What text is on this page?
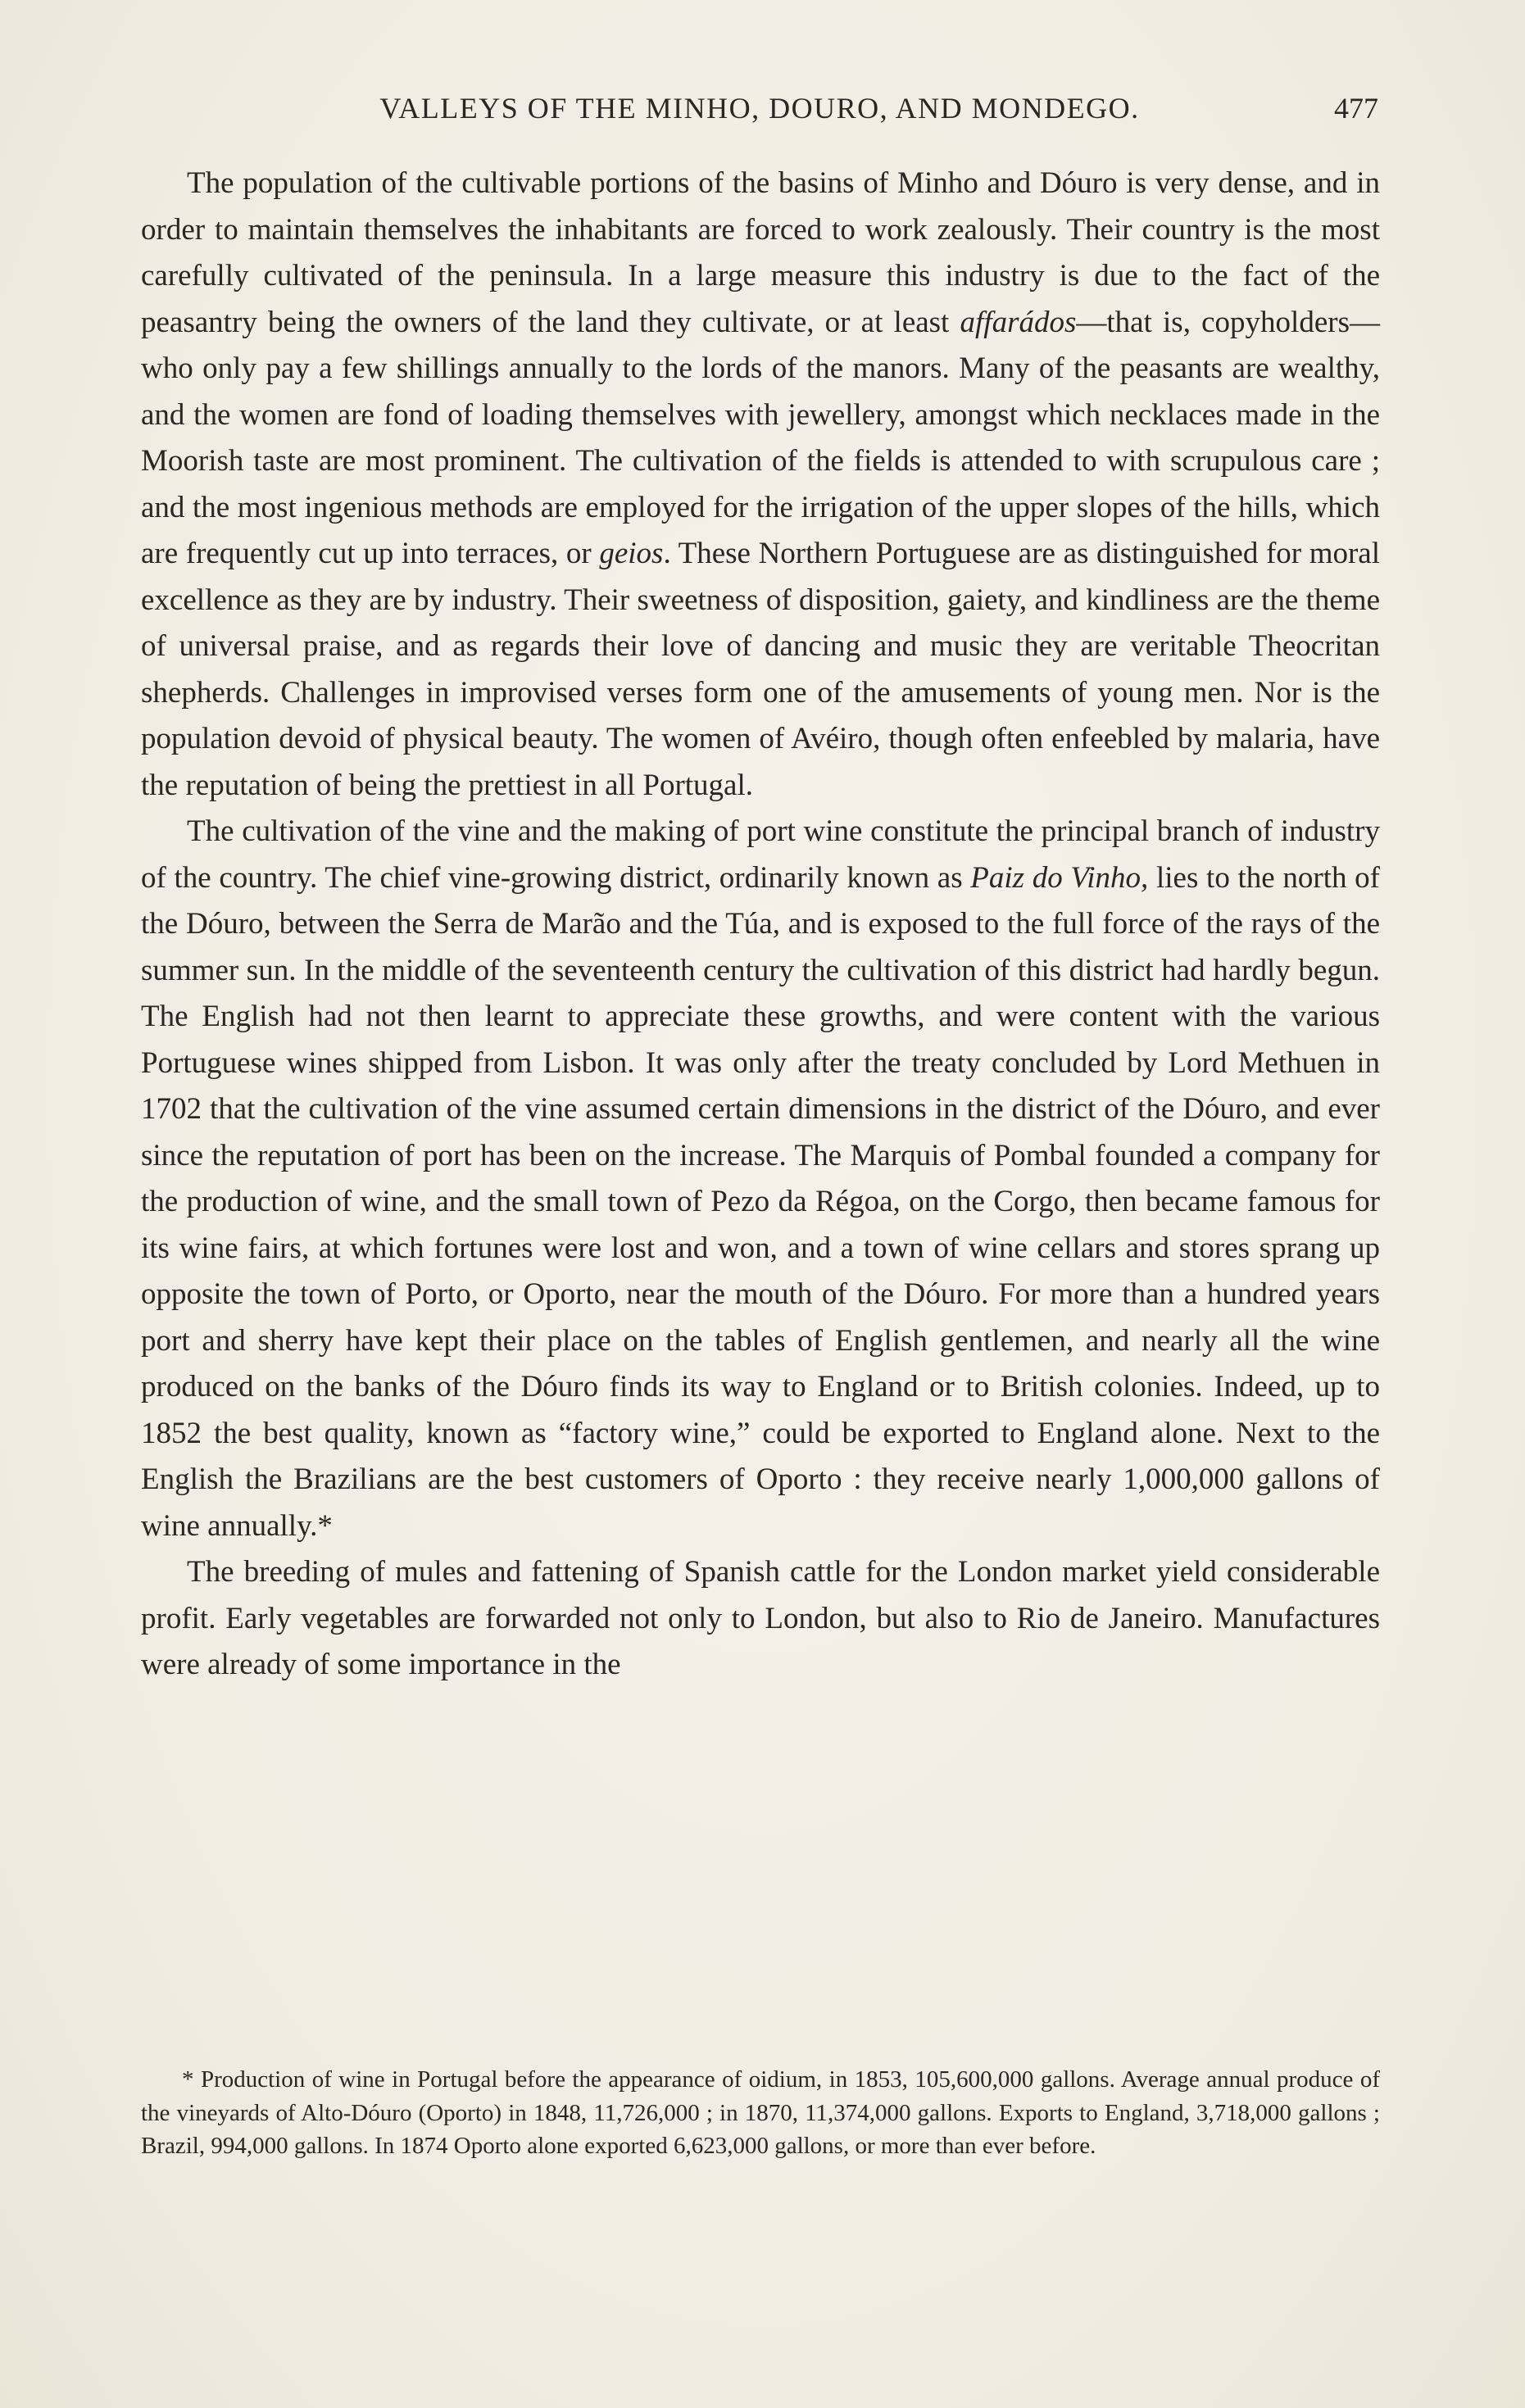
VALLEYS OF THE MINHO, DOURO, AND MONDEGO.	477

The population of the cultivable portions of the basins of Minho and Dóuro is very dense, and in order to maintain themselves the inhabitants are forced to work zealously. Their country is the most carefully cultivated of the peninsula. In a large measure this industry is due to the fact of the peasantry being the owners of the land they cultivate, or at least affarádos—that is, copyholders—who only pay a few shillings annually to the lords of the manors. Many of the peasants are wealthy, and the women are fond of loading themselves with jewellery, amongst which necklaces made in the Moorish taste are most prominent. The cultivation of the fields is attended to with scrupulous care ; and the most ingenious methods are employed for the irrigation of the upper slopes of the hills, which are frequently cut up into terraces, or geios. These Northern Portuguese are as distinguished for moral excellence as they are by industry. Their sweetness of disposition, gaiety, and kindliness are the theme of universal praise, and as regards their love of dancing and music they are veritable Theocritan shepherds. Challenges in improvised verses form one of the amusements of young men. Nor is the population devoid of physical beauty. The women of Avéiro, though often enfeebled by malaria, have the reputation of being the prettiest in all Portugal.

The cultivation of the vine and the making of port wine constitute the principal branch of industry of the country. The chief vine-growing district, ordinarily known as Paiz do Vinho, lies to the north of the Dóuro, between the Serra de Marão and the Túa, and is exposed to the full force of the rays of the summer sun. In the middle of the seventeenth century the cultivation of this district had hardly begun. The English had not then learnt to appreciate these growths, and were content with the various Portuguese wines shipped from Lisbon. It was only after the treaty concluded by Lord Methuen in 1702 that the cultivation of the vine assumed certain dimensions in the district of the Dóuro, and ever since the reputation of port has been on the increase. The Marquis of Pombal founded a company for the production of wine, and the small town of Pezo da Régoa, on the Corgo, then became famous for its wine fairs, at which fortunes were lost and won, and a town of wine cellars and stores sprang up opposite the town of Porto, or Oporto, near the mouth of the Dóuro. For more than a hundred years port and sherry have kept their place on the tables of English gentlemen, and nearly all the wine produced on the banks of the Dóuro finds its way to England or to British colonies. Indeed, up to 1852 the best quality, known as “factory wine,” could be exported to England alone. Next to the English the Brazilians are the best customers of Oporto : they receive nearly 1,000,000 gallons of wine annually.*

The breeding of mules and fattening of Spanish cattle for the London market yield considerable profit. Early vegetables are forwarded not only to London, but also to Rio de Janeiro. Manufactures were already of some importance in the

* Production of wine in Portugal before the appearance of oidium, in 1853, 105,600,000 gallons. Average annual produce of the vineyards of Alto-Dóuro (Oporto) in 1848, 11,726,000 ; in 1870, 11,374,000 gallons. Exports to England, 3,718,000 gallons ; Brazil, 994,000 gallons. In 1874 Oporto alone exported 6,623,000 gallons, or more than ever before.
